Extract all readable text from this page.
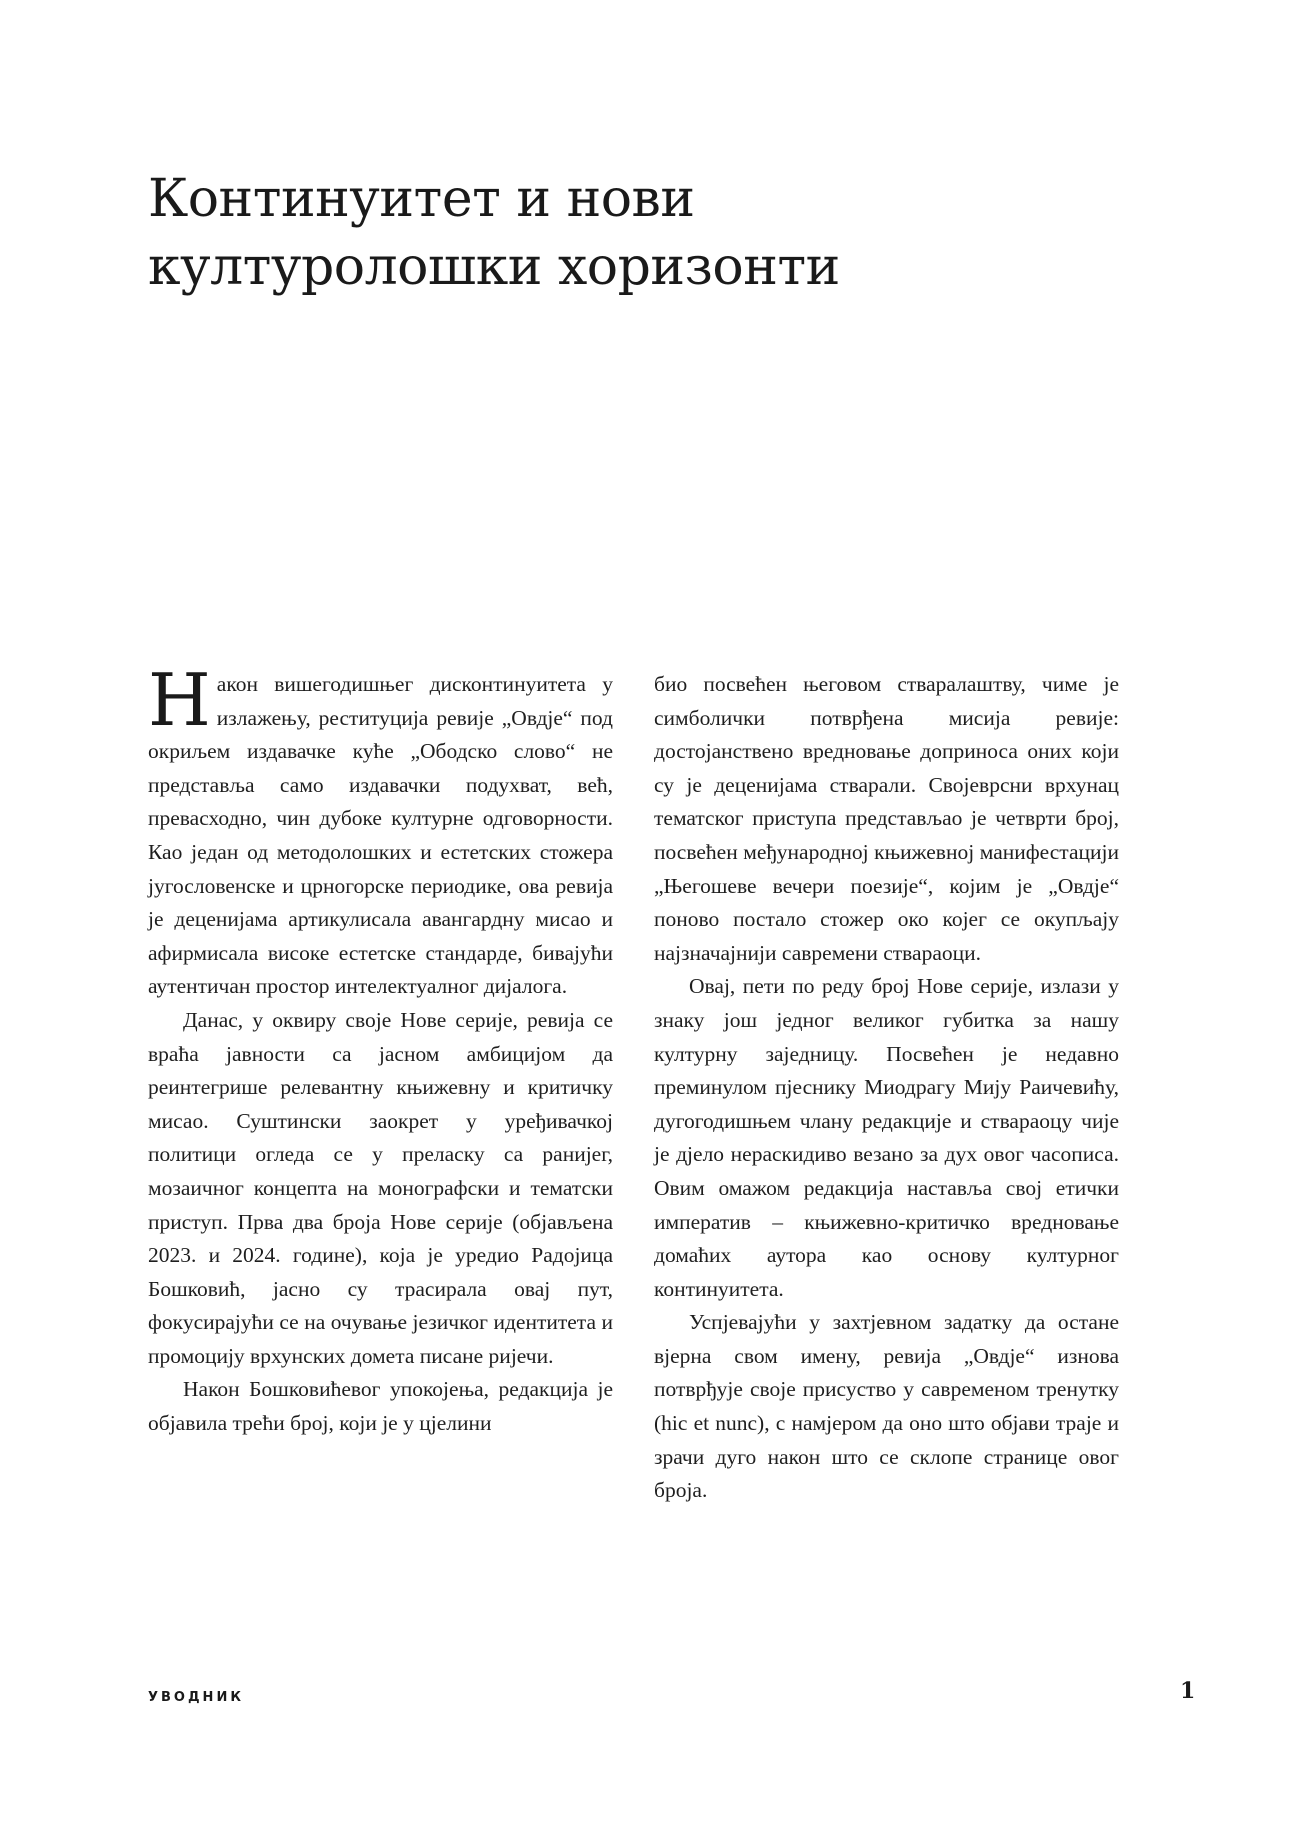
Континуитет и нови
културолошки хоризонти

Након вишегодишњег дисконтинуитета у излажењу, реституција ревије „Овдје“ под окриљем издавачке куће „Ободско слово“ не представља само издавачки подухват, већ, превасходно, чин дубоке културне одговорности. Као један од методолошких и естетских стожера југословенске и црногорске периодике, ова ревија је деценијама артикулисала авангардну мисао и афирмисала високе естетске стандарде, бивајући аутентичан простор интелектуалног дијалога.

Данас, у оквиру своје Нове серије, ревија се враћа јавности са јасном амбицијом да реинтегрише релевантну књижевну и критичку мисао. Суштински заокрет у уређивачкој политици огледа се у преласку са ранијег, мозаичног концепта на монографски и тематски приступ. Прва два броја Нове серије (објављена 2023. и 2024. године), која је уредио Радојица Бошковић, јасно су трасирала овај пут, фокусирајући се на очување језичког идентитета и промоцију врхунских домета писане ријечи.

Након Бошковићевог упокојења, редакција је објавила трећи број, који је у цјелини

био посвећен његовом стваралаштву, чиме је симболички потврђена мисија ревије: достојанствено вредновање доприноса оних који су је деценијама стварали. Својеврсни врхунац тематског приступа представљао је четврти број, посвећен међународној књижевној манифестацији „Његошеве вечери поезије“, којим је „Овдје“ поново постало стожер око којег се окупљају најзначајнији савремени ствараоци.

Овај, пети по реду број Нове серије, излази у знаку још једног великог губитка за нашу културну заједницу. Посвећен је недавно преминулом пјеснику Миодрагу Мију Раичевићу, дугогодишњем члану редакције и ствараоцу чије је дјело нераскидиво везано за дух овог часописа. Овим омажом редакција наставља свој етички императив – књижевно-критичко вредновање домаћих аутора као основу културног континуитета.

Успјевајући у захтјевном задатку да остане вјерна свом имену, ревија „Овдје“ изнова потврђује своје присуство у савременом тренутку (hic et nunc), с намјером да оно што објави траје и зрачи дуго након што се склопе странице овог броја.

УВОДНИК	1
